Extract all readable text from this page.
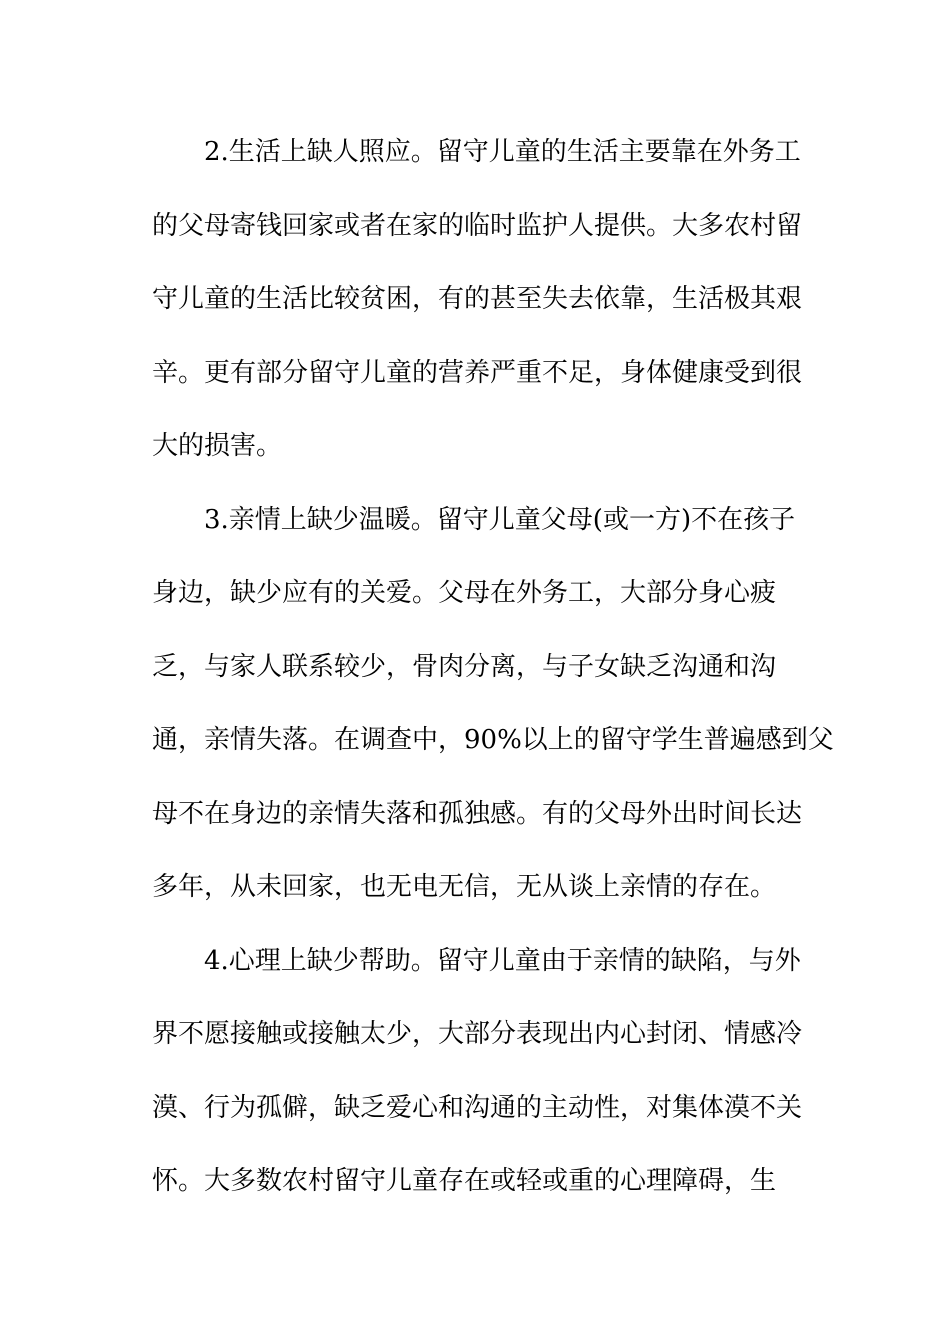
2.生活上缺人照应。留守儿童的生活主要靠在外务工
的父母寄钱回家或者在家的临时监护人提供。大多农村留
守儿童的生活比较贫困，有的甚至失去依靠，生活极其艰
辛。更有部分留守儿童的营养严重不足，身体健康受到很
大的损害。
3.亲情上缺少温暖。留守儿童父母(或一方)不在孩子
身边，缺少应有的关爱。父母在外务工，大部分身心疲
乏，与家人联系较少，骨肉分离，与子女缺乏沟通和沟
通，亲情失落。在调查中，90%以上的留守学生普遍感到父
母不在身边的亲情失落和孤独感。有的父母外出时间长达
多年，从未回家，也无电无信，无从谈上亲情的存在。
4.心理上缺少帮助。留守儿童由于亲情的缺陷，与外
界不愿接触或接触太少，大部分表现出内心封闭、情感冷
漠、行为孤僻，缺乏爱心和沟通的主动性，对集体漠不关
怀。大多数农村留守儿童存在或轻或重的心理障碍，生
